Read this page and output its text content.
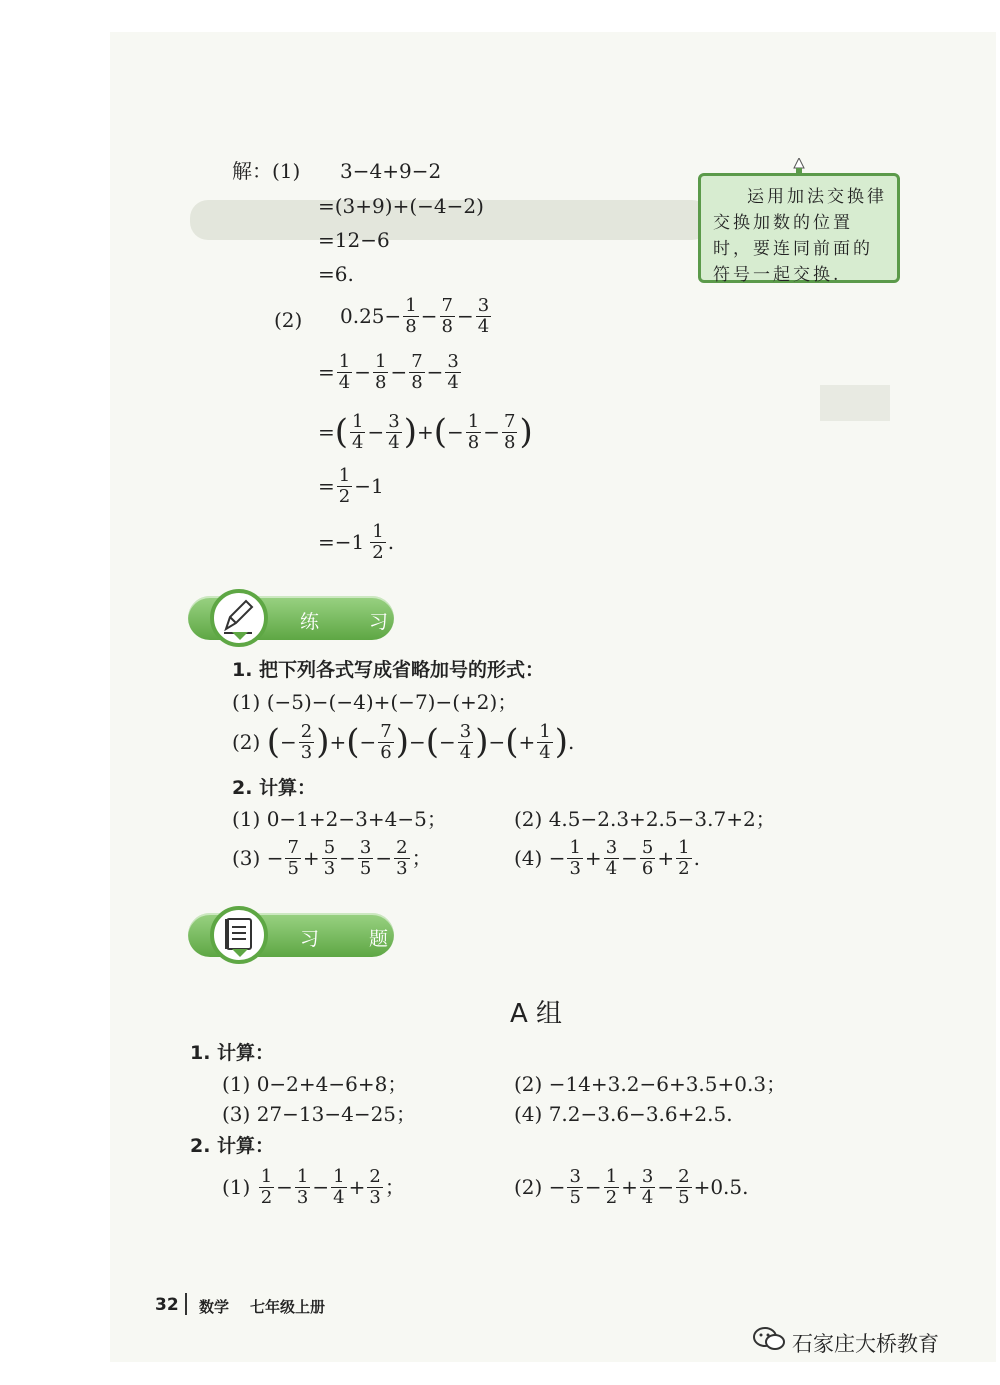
解：(1) 3−4+9−2
=(3+9)+(−4−2)
=12−6
=6.
(2) $0.25- \frac{1}{8} - \frac{7}{8} - \frac{3}{4}$
= $\frac{1}{4} - \frac{1}{8} - \frac{7}{8} - \frac{3}{4}$
= ( $\frac{1}{4} - \frac{3}{4}$ ) + ( − $\frac{1}{8} - \frac{7}{8}$ )
= $\frac{1}{2} -1$
$=-1 \frac{1}{2}$ .
运用加法交换律交换加数的位置时，要连同前面的符号一起交换.
练 习
1. 把下列各式写成省略加号的形式：
(1) (−5)−(−4)+(−7)−(+2)；
(2)
( − $\frac{2}{3}$ ) + ( − $\frac{7}{6}$ ) − ( − $\frac{3}{4}$ ) − ( + $\frac{1}{4}$ ) .
2. 计算：
(1) 0−1+2−3+4−5；	(2) 4.5−2.3+2.5−3.7+2；
$(3) - \frac{7}{5} + \frac{5}{3} - \frac{3}{5} - \frac{2}{3}$ ；	$(4) - \frac{1}{3} + \frac{3}{4} - \frac{5}{6} + \frac{1}{2}$ .
习 题
A 组
1. 计算：
(1) 0−2+4−6+8；	(2) −14+3.2−6+3.5+0.3；
(3) 27−13−4−25；	(4) 7.2−3.6−3.6+2.5.
2. 计算：
(1)
$\frac{1}{2} - \frac{1}{3} - \frac{1}{4} + \frac{2}{3}$ ；	$(2) - \frac{3}{5} - \frac{1}{2} + \frac{3}{4} - \frac{2}{5} +0.5$.
32 数学 七年级上册
石家庄大桥教育
